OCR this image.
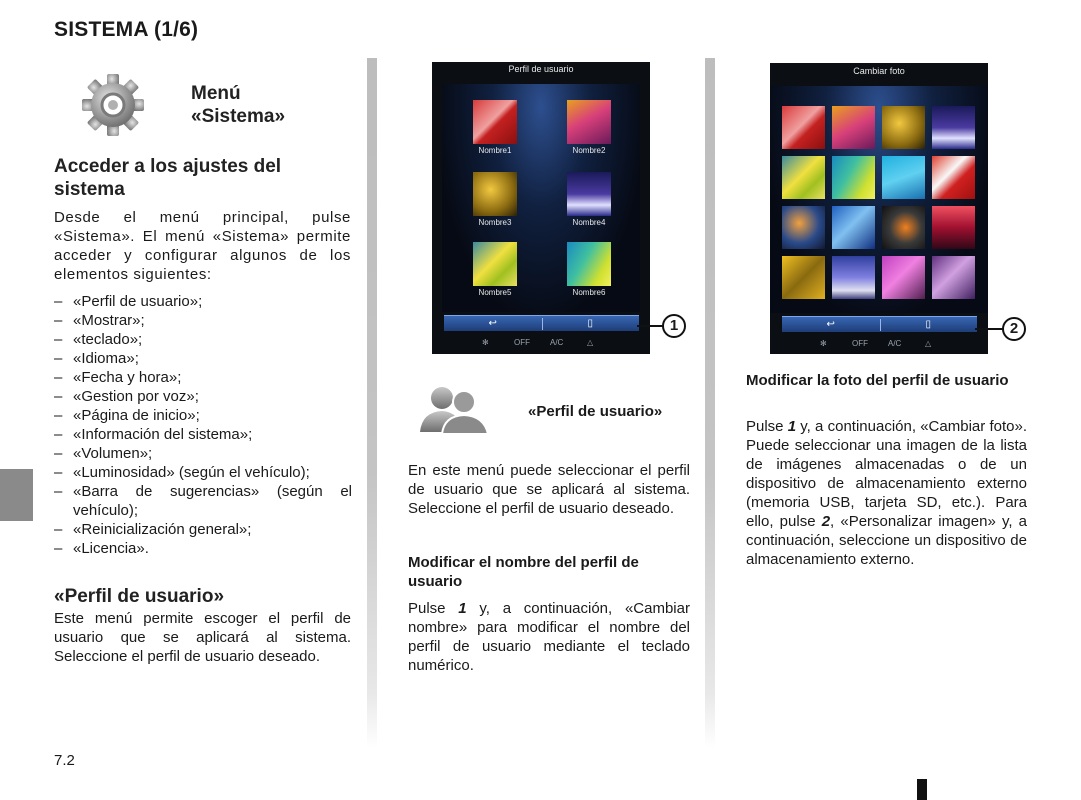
SISTEMA (1/6)
Menú
«Sistema»
Acceder a los ajustes del sistema
Desde el menú principal, pulse «Sistema». El menú «Sistema» permite acceder y configurar algunos de los elementos siguientes:
– «Perfil de usuario»;
– «Mostrar»;
– «teclado»;
– «Idioma»;
– «Fecha y hora»;
– «Gestion por voz»;
– «Página de inicio»;
– «Información del sistema»;
– «Volumen»;
– «Luminosidad» (según el vehículo);
– «Barra de sugerencias» (según el vehículo);
– «Reinicialización general»;
– «Licencia».
«Perfil de usuario»
Este menú permite escoger el perfil de usuario que se aplicará al sistema. Seleccione el perfil de usuario deseado.
Perfil de usuario
Nombre1	Nombre2
Nombre3	Nombre4
Nombre5	Nombre6
↩	▯
✻	OFF	A/C	△
1
Cambiar foto
↩	▯
✻	OFF	A/C	△
2
«Perfil de usuario»
En este menú puede seleccionar el perfil de usuario que se aplicará al sistema. Seleccione el perfil de usuario deseado.
Modificar el nombre del perfil de usuario
Pulse 1 y, a continuación, «Cambiar nombre» para modificar el nombre del perfil de usuario mediante el teclado numérico.
Modificar la foto del perfil de usuario
Pulse 1 y, a continuación, «Cambiar foto». Puede seleccionar una imagen de la lista de imágenes almacenadas o de un dispositivo de almacenamiento externo (memoria USB, tarjeta SD, etc.). Para ello, pulse 2, «Personalizar imagen» y, a continuación, seleccione un dispositivo de almacenamiento externo.
7.2
